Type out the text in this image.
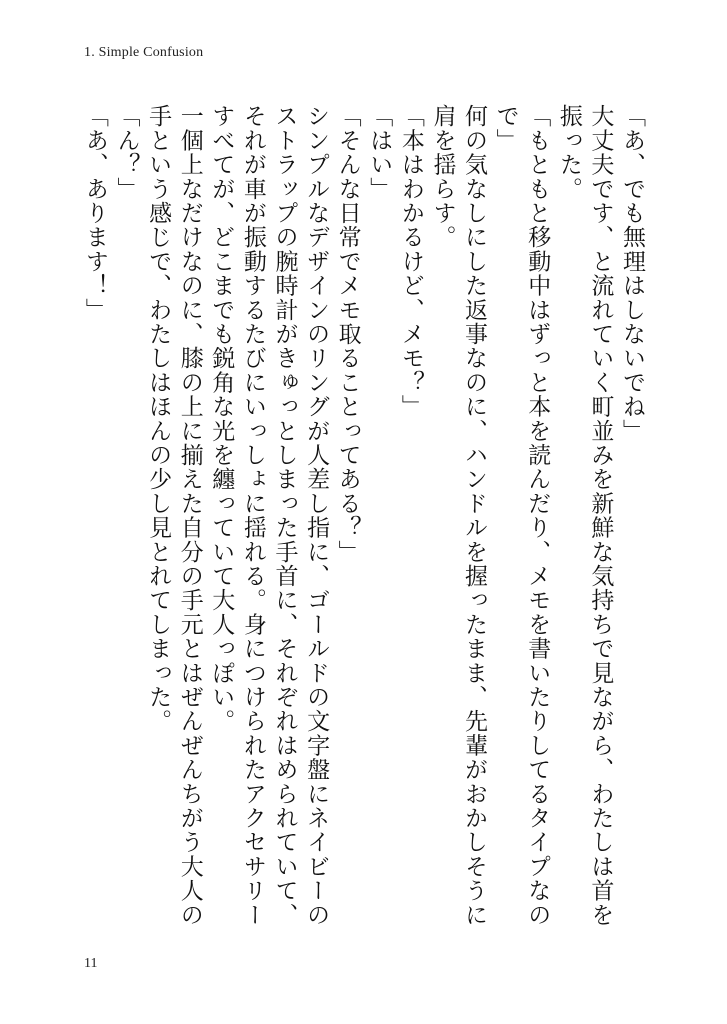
1. Simple Confusion

「あ、でも無理はしないでね」

大丈夫です、と流れていく町並みを新鮮な気持ちで見ながら、わたしは首を振った。

「もともと移動中はずっと本を読んだり、メモを書いたりしてるタイプなので」

何の気なしにした返事なのに、ハンドルを握ったまま、先輩がおかしそうに肩を揺らす。

「本はわかるけど、メモ？」

「はい」

「そんな日常でメモ取ることってある？」

シンプルなデザインのリングが人差し指に、ゴールドの文字盤にネイビーのストラップの腕時計がきゅっとしまった手首に、それぞれはめられていて、それが車が振動するたびにいっしょに揺れる。身につけられたアクセサリーすべてが、どこまでも鋭角な光を纏っていて大人っぽい。

一個上なだけなのに、膝の上に揃えた自分の手元とはぜんぜんちがう大人の手という感じで、わたしはほんの少し見とれてしまった。

「ん？」

「あ、あります！」

11
